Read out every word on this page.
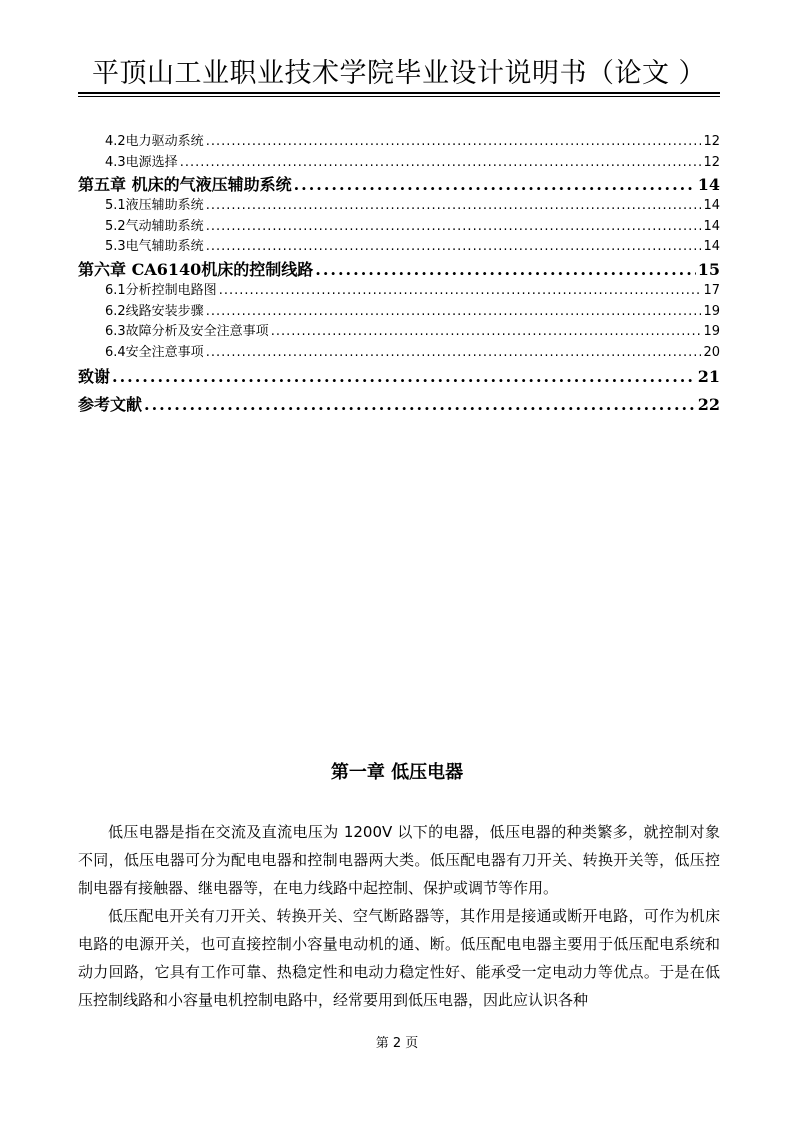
平顶山工业职业技术学院毕业设计说明书（论文 ）
4.2电力驱动系统 .....	12
4.3电源选择 .....	12
第五章 机床的气液压辅助系统 .....	14
5.1液压辅助系统 .....	14
5.2气动辅助系统 .....	14
5.3电气辅助系统 .....	14
第六章 CA6140机床的控制线路 .....	15
6.1分析控制电路图 .....	17
6.2线路安装步骤 .....	19
6.3故障分析及安全注意事项 .....	19
6.4安全注意事项 .....	20
致谢 .....	21
参考文献 .....	22
第一章 低压电器

低压电器是指在交流及直流电压为 1200V 以下的电器，低压电器的种类繁多，就控制对象不同，低压电器可分为配电电器和控制电器两大类。低压配电器有刀开关、转换开关等，低压控制电器有接触器、继电器等，在电力线路中起控制、保护或调节等作用。

低压配电开关有刀开关、转换开关、空气断路器等，其作用是接通或断开电路，可作为机床电路的电源开关，也可直接控制小容量电动机的通、断。低压配电电器主要用于低压配电系统和动力回路，它具有工作可靠、热稳定性和电动力稳定性好、能承受一定电动力等优点。于是在低压控制线路和小容量电机控制电路中，经常要用到低压电器，因此应认识各种

第 2 页
